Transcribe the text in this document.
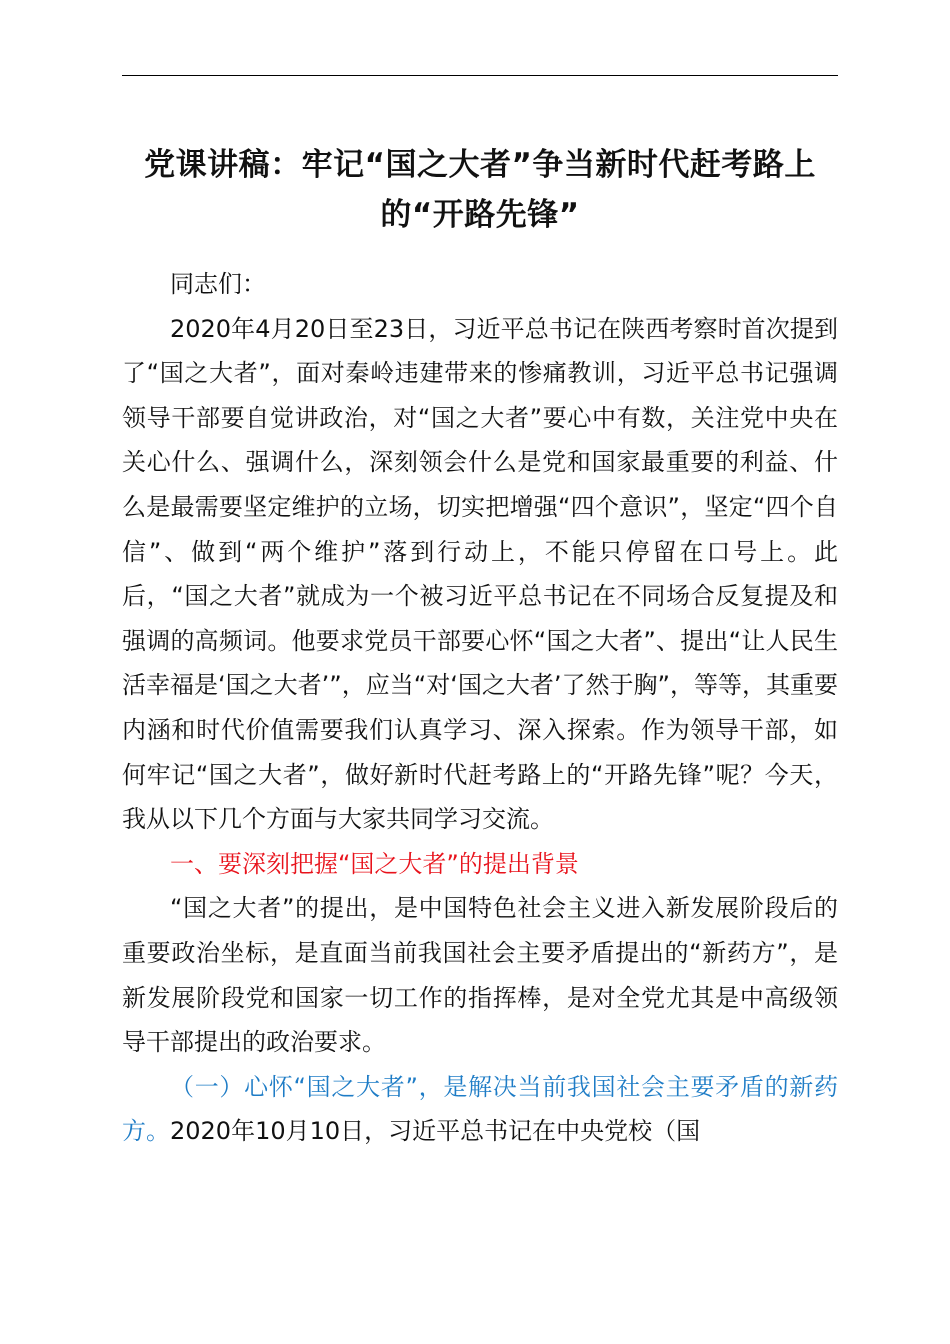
党课讲稿：牢记“国之大者”争当新时代赶考路上的“开路先锋”

同志们：

2020年4月20日至23日，习近平总书记在陕西考察时首次提到了“国之大者”，面对秦岭违建带来的惨痛教训，习近平总书记强调领导干部要自觉讲政治，对“国之大者”要心中有数，关注党中央在关心什么、强调什么，深刻领会什么是党和国家最重要的利益、什么是最需要坚定维护的立场，切实把增强“四个意识”，坚定“四个自信”、做到“两个维护”落到行动上，不能只停留在口号上。此后，“国之大者”就成为一个被习近平总书记在不同场合反复提及和强调的高频词。他要求党员干部要心怀“国之大者”、提出“让人民生活幸福是‘国之大者’”，应当“对‘国之大者’了然于胸”，等等，其重要内涵和时代价值需要我们认真学习、深入探索。作为领导干部，如何牢记“国之大者”，做好新时代赶考路上的“开路先锋”呢？今天，我从以下几个方面与大家共同学习交流。

一、要深刻把握“国之大者”的提出背景

“国之大者”的提出，是中国特色社会主义进入新发展阶段后的重要政治坐标，是直面当前我国社会主要矛盾提出的“新药方”，是新发展阶段党和国家一切工作的指挥棒，是对全党尤其是中高级领导干部提出的政治要求。

（一）心怀“国之大者”，是解决当前我国社会主要矛盾的新药方。2020年10月10日，习近平总书记在中央党校（国
